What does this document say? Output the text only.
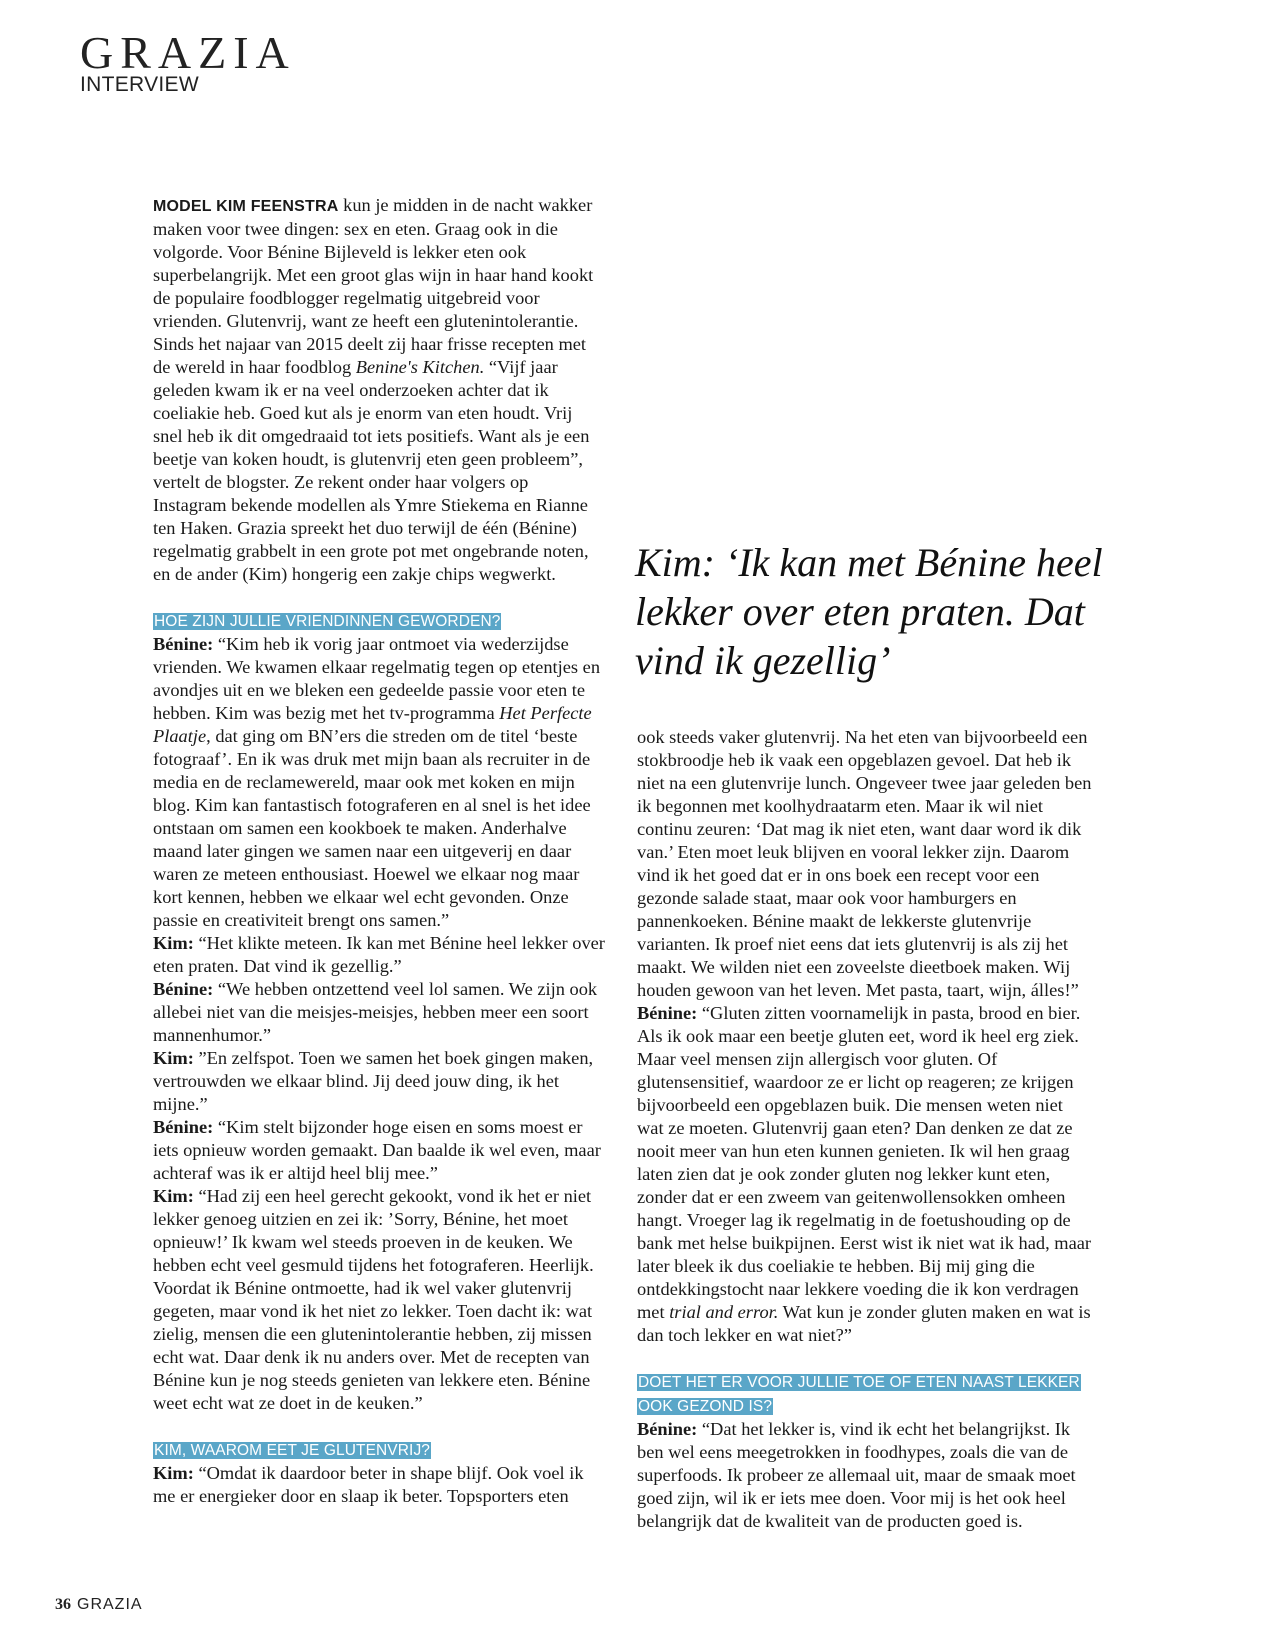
GRAZIA
INTERVIEW

MODEL KIM FEENSTRA kun je midden in de nacht wakker maken voor twee dingen: sex en eten. Graag ook in die volgorde. Voor Bénine Bijleveld is lekker eten ook superbelangrijk. Met een groot glas wijn in haar hand kookt de populaire foodblogger regelmatig uitgebreid voor vrienden. Glutenvrij, want ze heeft een glutenintolerantie. Sinds het najaar van 2015 deelt zij haar frisse recepten met de wereld in haar foodblog Benine's Kitchen. “Vijf jaar geleden kwam ik er na veel onderzoeken achter dat ik coeliakie heb. Goed kut als je enorm van eten houdt. Vrij snel heb ik dit omgedraaid tot iets positiefs. Want als je een beetje van koken houdt, is glutenvrij eten geen probleem”, vertelt de blogster. Ze rekent onder haar volgers op Instagram bekende modellen als Ymre Stiekema en Rianne ten Haken. Grazia spreekt het duo terwijl de één (Bénine) regelmatig grabbelt in een grote pot met ongebrande noten, en de ander (Kim) hongerig een zakje chips wegwerkt.

HOE ZIJN JULLIE VRIENDINNEN GEWORDEN?

Bénine: “Kim heb ik vorig jaar ontmoet via wederzijdse vrienden. We kwamen elkaar regelmatig tegen op etentjes en avondjes uit en we bleken een gedeelde passie voor eten te hebben. Kim was bezig met het tv-programma Het Perfecte Plaatje, dat ging om BN’ers die streden om de titel ‘beste fotograaf’. En ik was druk met mijn baan als recruiter in de media en de reclamewereld, maar ook met koken en mijn blog. Kim kan fantastisch fotograferen en al snel is het idee ontstaan om samen een kookboek te maken. Anderhalve maand later gingen we samen naar een uitgeverij en daar waren ze meteen enthousiast. Hoewel we elkaar nog maar kort kennen, hebben we elkaar wel echt gevonden. Onze passie en creativiteit brengt ons samen.”

Kim: “Het klikte meteen. Ik kan met Bénine heel lekker over eten praten. Dat vind ik gezellig.”

Bénine: “We hebben ontzettend veel lol samen. We zijn ook allebei niet van die meisjes-meisjes, hebben meer een soort mannenhumor.”

Kim: ”En zelfspot. Toen we samen het boek gingen maken, vertrouwden we elkaar blind. Jij deed jouw ding, ik het mijne.”

Bénine: “Kim stelt bijzonder hoge eisen en soms moest er iets opnieuw worden gemaakt. Dan baalde ik wel even, maar achteraf was ik er altijd heel blij mee.”

Kim: “Had zij een heel gerecht gekookt, vond ik het er niet lekker genoeg uitzien en zei ik: ’Sorry, Bénine, het moet opnieuw!’ Ik kwam wel steeds proeven in de keuken. We hebben echt veel gesmuld tijdens het fotograferen. Heerlijk. Voordat ik Bénine ontmoette, had ik wel vaker glutenvrij gegeten, maar vond ik het niet zo lekker. Toen dacht ik: wat zielig, mensen die een glutenintolerantie hebben, zij missen echt wat. Daar denk ik nu anders over. Met de recepten van Bénine kun je nog steeds genieten van lekkere eten. Bénine weet echt wat ze doet in de keuken.”

KIM, WAAROM EET JE GLUTENVRIJ?

Kim: “Omdat ik daardoor beter in shape blijf. Ook voel ik me er energieker door en slaap ik beter. Topsporters eten

Kim: ‘Ik kan met Bénine heel lekker over eten praten. Dat vind ik gezellig’

ook steeds vaker glutenvrij. Na het eten van bijvoorbeeld een stokbroodje heb ik vaak een opgeblazen gevoel. Dat heb ik niet na een glutenvrije lunch. Ongeveer twee jaar geleden ben ik begonnen met koolhydraatarm eten. Maar ik wil niet continu zeuren: ‘Dat mag ik niet eten, want daar word ik dik van.’ Eten moet leuk blijven en vooral lekker zijn. Daarom vind ik het goed dat er in ons boek een recept voor een gezonde salade staat, maar ook voor hamburgers en pannenkoeken. Bénine maakt de lekkerste glutenvrije varianten. Ik proef niet eens dat iets glutenvrij is als zij het maakt. We wilden niet een zoveelste dieetboek maken. Wij houden gewoon van het leven. Met pasta, taart, wijn, álles!”

Bénine: “Gluten zitten voornamelijk in pasta, brood en bier. Als ik ook maar een beetje gluten eet, word ik heel erg ziek. Maar veel mensen zijn allergisch voor gluten. Of glutensensitief, waardoor ze er licht op reageren; ze krijgen bijvoorbeeld een opgeblazen buik. Die mensen weten niet wat ze moeten. Glutenvrij gaan eten? Dan denken ze dat ze nooit meer van hun eten kunnen genieten. Ik wil hen graag laten zien dat je ook zonder gluten nog lekker kunt eten, zonder dat er een zweem van geitenwollensokken omheen hangt. Vroeger lag ik regelmatig in de foetushouding op de bank met helse buikpijnen. Eerst wist ik niet wat ik had, maar later bleek ik dus coeliakie te hebben. Bij mij ging die ontdekkingstocht naar lekkere voeding die ik kon verdragen met trial and error. Wat kun je zonder gluten maken en wat is dan toch lekker en wat niet?”

DOET HET ER VOOR JULLIE TOE OF ETEN NAAST LEKKER OOK GEZOND IS?

Bénine: “Dat het lekker is, vind ik echt het belangrijkst. Ik ben wel eens meegetrokken in foodhypes, zoals die van de superfoods. Ik probeer ze allemaal uit, maar de smaak moet goed zijn, wil ik er iets mee doen. Voor mij is het ook heel belangrijk dat de kwaliteit van de producten goed is.

36 GRAZIA
